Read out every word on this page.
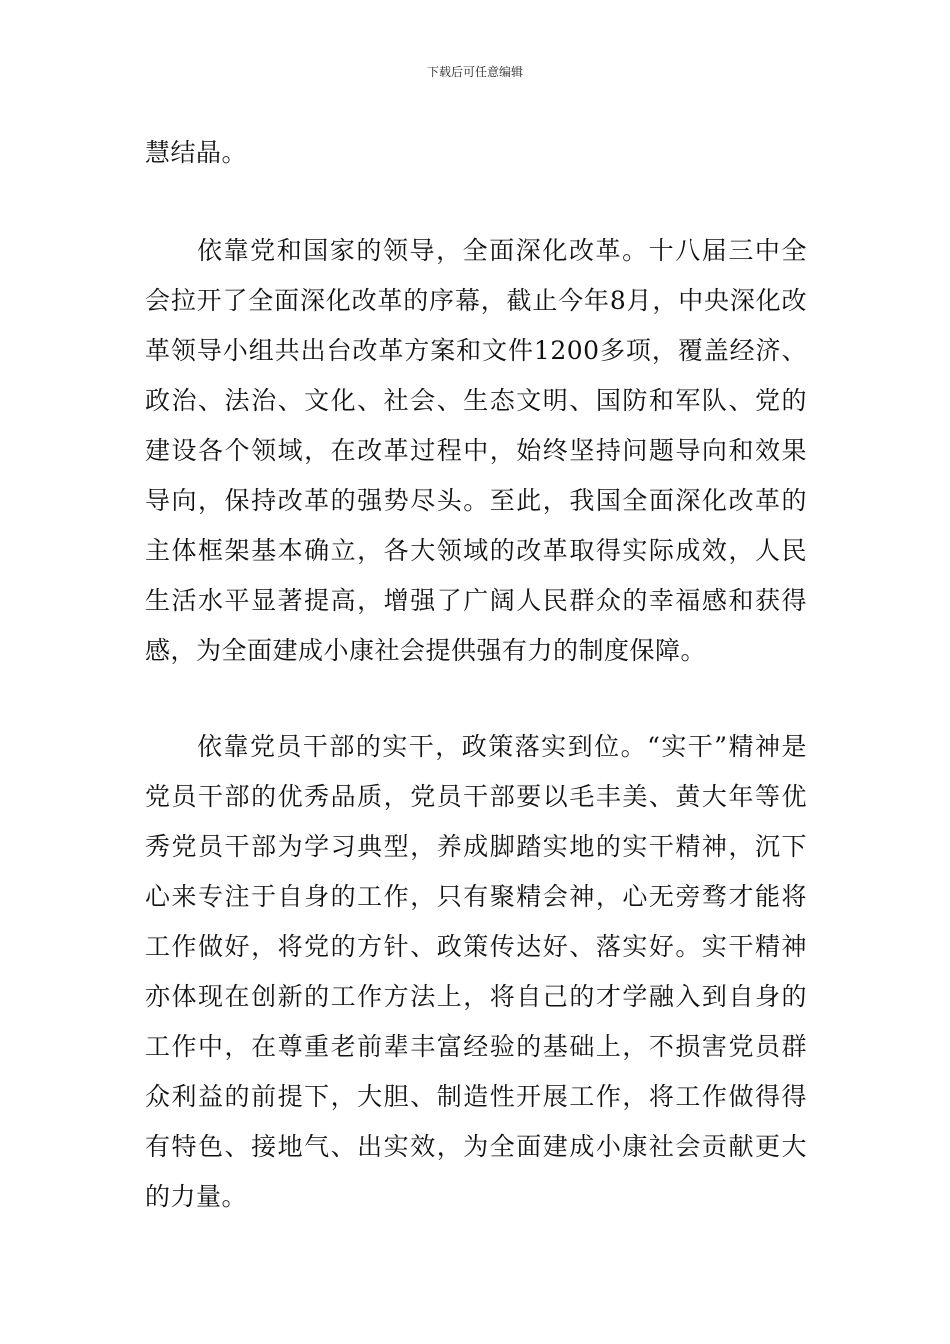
下载后可任意编辑

慧结晶。

依靠党和国家的领导，全面深化改革。十八届三中全会拉开了全面深化改革的序幕，截止今年8月，中央深化改革领导小组共出台改革方案和文件1200多项，覆盖经济、政治、法治、文化、社会、生态文明、国防和军队、党的建设各个领域，在改革过程中，始终坚持问题导向和效果导向，保持改革的强势尽头。至此，我国全面深化改革的主体框架基本确立，各大领域的改革取得实际成效，人民生活水平显著提高，增强了广阔人民群众的幸福感和获得感，为全面建成小康社会提供强有力的制度保障。

依靠党员干部的实干，政策落实到位。“实干”精神是党员干部的优秀品质，党员干部要以毛丰美、黄大年等优秀党员干部为学习典型，养成脚踏实地的实干精神，沉下心来专注于自身的工作，只有聚精会神，心无旁骛才能将工作做好，将党的方针、政策传达好、落实好。实干精神亦体现在创新的工作方法上，将自己的才学融入到自身的工作中，在尊重老前辈丰富经验的基础上，不损害党员群众利益的前提下，大胆、制造性开展工作，将工作做得得有特色、接地气、出实效，为全面建成小康社会贡献更大的力量。
